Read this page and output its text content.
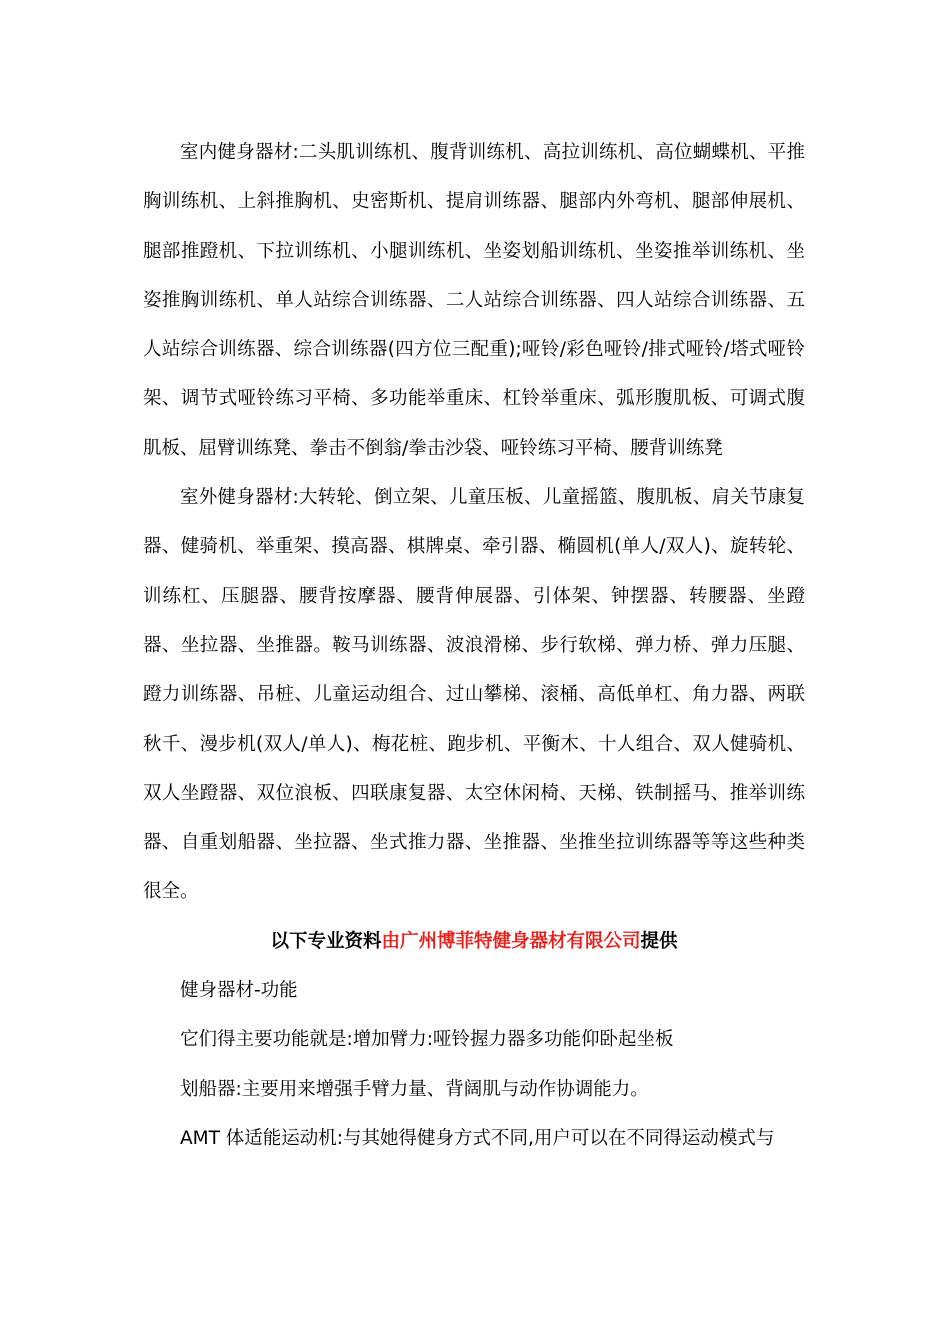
室内健身器材:二头肌训练机、腹背训练机、高拉训练机、高位蝴蝶机、平推胸训练机、上斜推胸机、史密斯机、提肩训练器、腿部内外弯机、腿部伸展机、腿部推蹬机、下拉训练机、小腿训练机、坐姿划船训练机、坐姿推举训练机、坐姿推胸训练机、单人站综合训练器、二人站综合训练器、四人站综合训练器、五人站综合训练器、综合训练器(四方位三配重);哑铃/彩色哑铃/排式哑铃/塔式哑铃架、调节式哑铃练习平椅、多功能举重床、杠铃举重床、弧形腹肌板、可调式腹肌板、屈臂训练凳、拳击不倒翁/拳击沙袋、哑铃练习平椅、腰背训练凳

室外健身器材:大转轮、倒立架、儿童压板、儿童摇篮、腹肌板、肩关节康复器、健骑机、举重架、摸高器、棋牌桌、牵引器、椭圆机(单人/双人)、旋转轮、训练杠、压腿器、腰背按摩器、腰背伸展器、引体架、钟摆器、转腰器、坐蹬器、坐拉器、坐推器。鞍马训练器、波浪滑梯、步行软梯、弹力桥、弹力压腿、蹬力训练器、吊桩、儿童运动组合、过山攀梯、滚桶、高低单杠、角力器、两联秋千、漫步机(双人/单人)、梅花桩、跑步机、平衡木、十人组合、双人健骑机、双人坐蹬器、双位浪板、四联康复器、太空休闲椅、天梯、铁制摇马、推举训练器、自重划船器、坐拉器、坐式推力器、坐推器、坐推坐拉训练器等等这些种类很全。

以下专业资料由广州博菲特健身器材有限公司提供

健身器材-功能

它们得主要功能就是:增加臂力:哑铃握力器多功能仰卧起坐板

划船器:主要用来增强手臂力量、背阔肌与动作协调能力。

AMT 体适能运动机:与其她得健身方式不同,用户可以在不同得运动模式与
